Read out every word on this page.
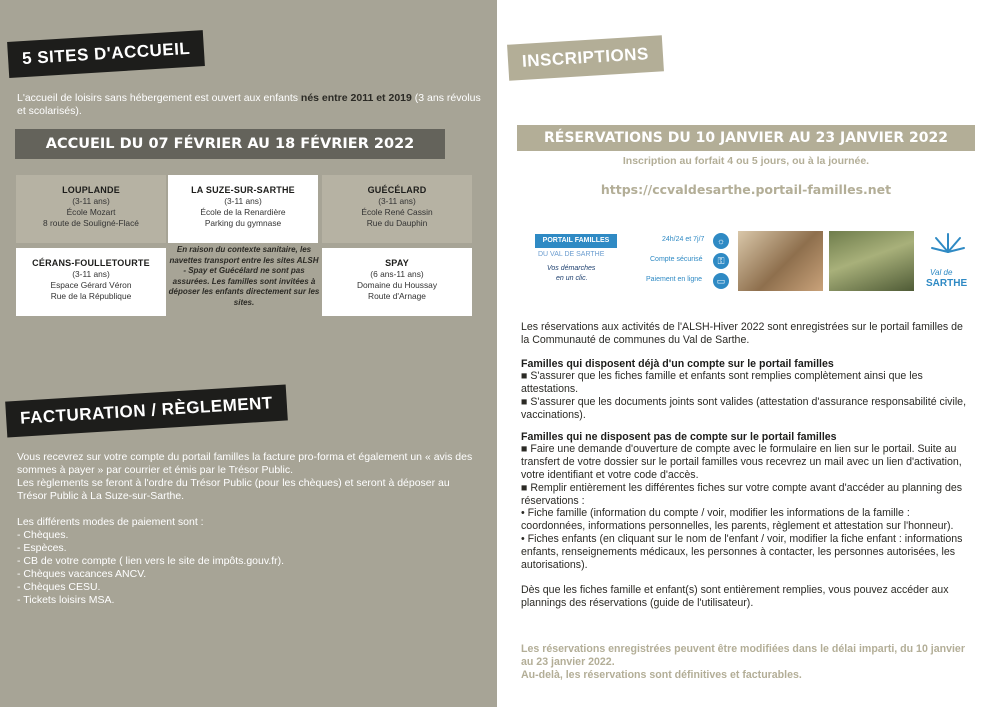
5 SITES D'ACCUEIL
L'accueil de loisirs sans hébergement est ouvert aux enfants nés entre 2011 et 2019 (3 ans révolus et scolarisés).
ACCUEIL DU 07 FÉVRIER AU 18 FÉVRIER 2022
LOUPLANDE
(3-11 ans)
École Mozart
8 route de Souligné-Flacé
LA SUZE-SUR-SARTHE
(3-11 ans)
École de la Renardière
Parking du gymnase
GUÉCÉLARD
(3-11 ans)
École René Cassin
Rue du Dauphin
CÉRANS-FOULLETOURTE
(3-11 ans)
Espace Gérard Véron
Rue de la République
SPAY
(6 ans-11 ans)
Domaine du Houssay
Route d'Arnage
En raison du contexte sanitaire, les navettes transport entre les sites ALSH - Spay et Guécélard ne sont pas assurées. Les familles sont invitées à déposer les enfants directement sur les sites.
FACTURATION / RÈGLEMENT

Vous recevrez sur votre compte du portail familles la facture pro-forma et également un « avis des sommes à payer » par courrier et émis par le Trésor Public.

Les règlements se feront à l'ordre du Trésor Public (pour les chèques) et seront à déposer au Trésor Public à La Suze-sur-Sarthe.

Les différents modes de paiement sont :
- Chèques.
- Espèces.
- CB de votre compte ( lien vers le site de impôts.gouv.fr).
- Chèques vacances ANCV.
- Chèques CESU.
- Tickets loisirs MSA.
INSCRIPTIONS
RÉSERVATIONS DU 10 JANVIER AU 23 JANVIER 2022
Inscription au forfait 4 ou 5 jours, ou à la journée.
https://ccvaldesarthe.portail-familles.net
PORTAIL FAMILLES
DU VAL DE SARTHE
Vos démarches
en un clic.
24h/24 et 7j/7	☼
Compte sécurisé	⚿
Paiement en ligne	▭
Val de
SARTHE

Les réservations aux activités de l'ALSH-Hiver 2022 sont enregistrées sur le portail familles de la Communauté de communes du Val de Sarthe.

Familles qui disposent déjà d'un compte sur le portail familles

■ S'assurer que les fiches famille et enfants sont remplies complètement ainsi que les attestations.

■ S'assurer que les documents joints sont valides (attestation d'assurance responsabilité civile, vaccinations).

Familles qui ne disposent pas de compte sur le portail familles

■ Faire une demande d'ouverture de compte avec le formulaire en lien sur le portail. Suite au transfert de votre dossier sur le portail familles vous recevrez un mail avec un lien d'activation, votre identifiant et votre code d'accès.

■ Remplir entièrement les différentes fiches sur votre compte avant d'accéder au planning des réservations :

• Fiche famille (information du compte / voir, modifier les informations de la famille : coordonnées, informations personnelles, les parents, règlement et attestation sur l'honneur).

• Fiches enfants (en cliquant sur le nom de l'enfant / voir, modifier la fiche enfant : informations enfants, renseignements médicaux, les personnes à contacter, les personnes autorisées, les autorisations).

Dès que les fiches famille et enfant(s) sont entièrement remplies, vous pouvez accéder aux plannings des réservations (guide de l'utilisateur).

Les réservations enregistrées peuvent être modifiées dans le délai imparti, du 10 janvier au 23 janvier 2022.
Au-delà, les réservations sont définitives et facturables.
